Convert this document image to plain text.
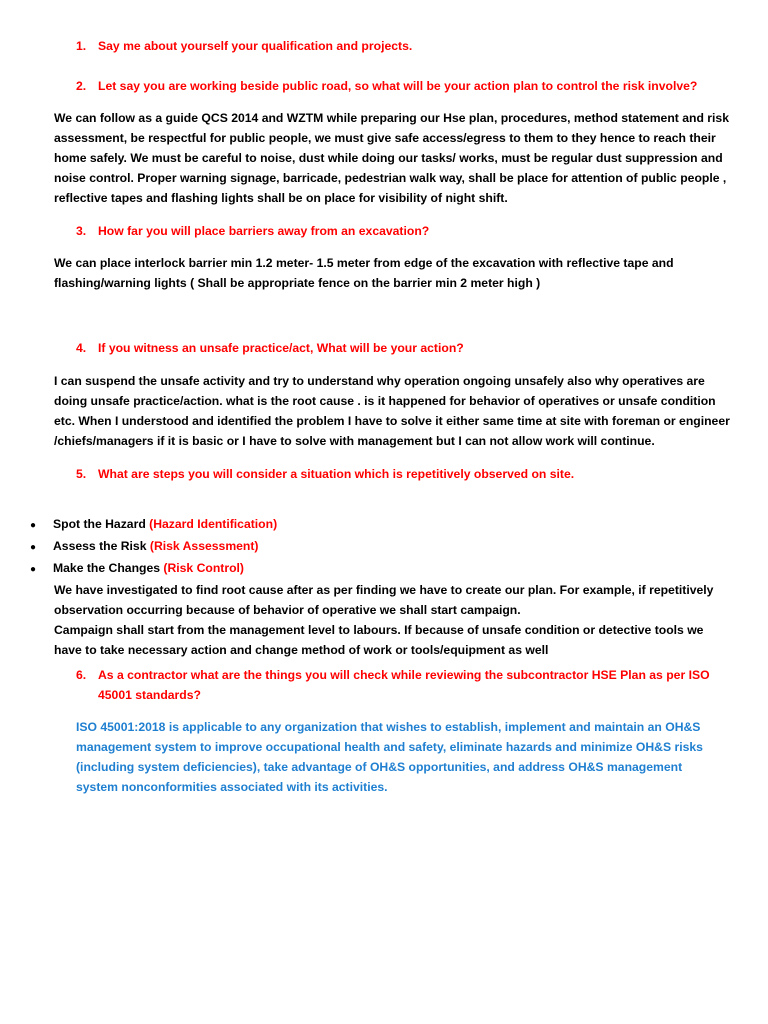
1. Say me about yourself your qualification and projects.
2. Let say you are working beside public road, so what will be your action plan to control the risk involve?
We can follow as a guide QCS 2014 and WZTM while preparing our Hse plan, procedures, method statement and risk assessment, be respectful for public people, we must give safe access/egress to them to they hence to reach their home safely. We must be careful to noise, dust while doing our tasks/ works, must be regular dust suppression and noise control. Proper warning signage, barricade, pedestrian walk way, shall be place for attention of public people , reflective tapes and flashing lights shall be on place for visibility of night shift.
3. How far you will place barriers away from an excavation?
We can place interlock barrier min 1.2 meter- 1.5 meter from edge of the excavation with reflective tape and flashing/warning lights ( Shall be appropriate fence on the barrier min 2 meter high )
4. If you witness an unsafe practice/act, What will be your action?
I can suspend the unsafe activity and try to understand why operation ongoing unsafely also why operatives are doing unsafe practice/action. what is the root cause . is it happened for behavior of operatives or unsafe condition etc. When I understood and identified the problem I have to solve it either same time at site with foreman or engineer /chiefs/managers if it is basic or I have to solve with management but I can not allow work will continue.
5. What are steps you will consider a situation which is repetitively observed on site.
●	Spot the Hazard (Hazard Identification)
●	Assess the Risk (Risk Assessment)
●	Make the Changes (Risk Control)
We have investigated to find root cause after as per finding we have to create our plan. For example, if repetitively observation occurring because of behavior of operative we shall start campaign.
Campaign shall start from the management level to labours. If because of unsafe condition or detective tools we have to take necessary action and change method of work or tools/equipment as well
6. As a contractor what are the things you will check while reviewing the subcontractor HSE Plan as per ISO 45001 standards?
ISO 45001:2018 is applicable to any organization that wishes to establish, implement and maintain an OH&S management system to improve occupational health and safety, eliminate hazards and minimize OH&S risks (including system deficiencies), take advantage of OH&S opportunities, and address OH&S management system nonconformities associated with its activities.
